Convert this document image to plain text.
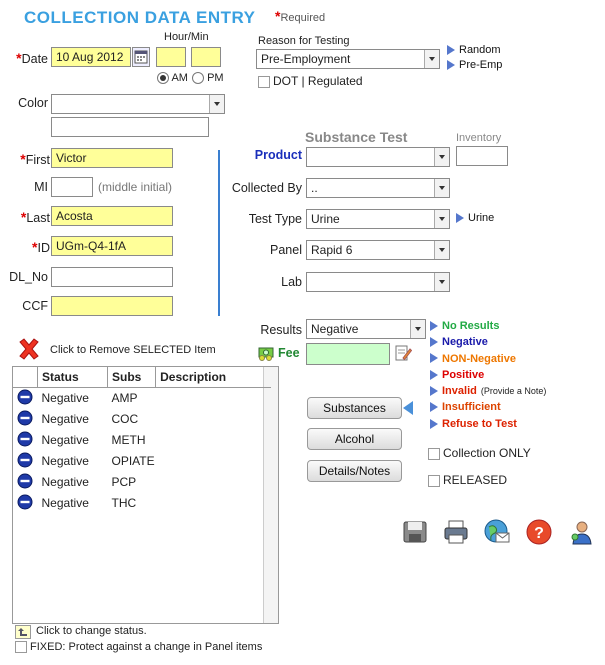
COLLECTION DATA ENTRY *Required
*Date 10 Aug 2012
Hour/Min
AM	PM
Reason for Testing
Pre-Employment
Random
Pre-Emp
DOT | Regulated
Color
*First Victor
MI	(middle initial)
*Last Acosta
*ID UGm-Q4-1fA
DL_No
CCF
Substance Test	Inventory
Product
Collected By ..
Test Type Urine	Urine
Panel Rapid 6
Lab
Results Negative
Fee
No Results
Negative
NON-Negative
Positive
Invalid (Provide a Note)
Insufficient
Refuse to Test
Click to Remove SELECTED Item
	Status	Subs	Description
	Negative	AMP	
	Negative	COC	
	Negative	METH	
	Negative	OPIATE	
	Negative	PCP	
	Negative	THC	
Substances
Alcohol
Details/Notes
Collection ONLY
RELEASED
?
Click to change status.
FIXED: Protect against a change in Panel items
